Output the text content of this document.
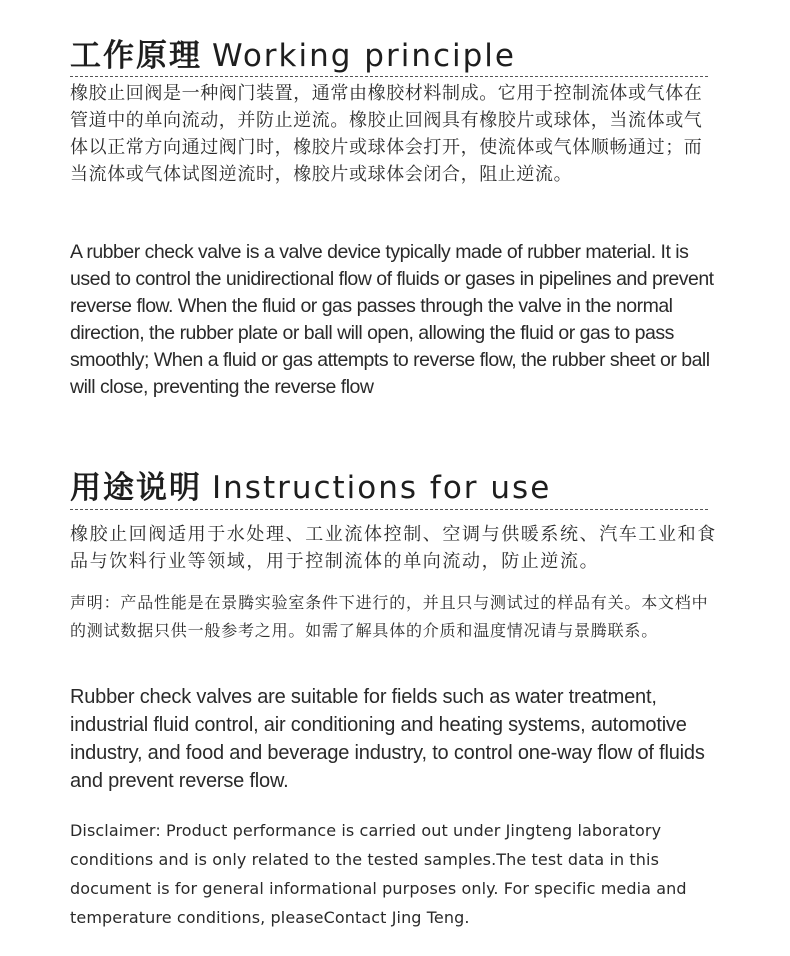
工作原理 Working principle

橡胶止回阀是一种阀门装置，通常由橡胶材料制成。它用于控制流体或气体在管道中的单向流动，并防止逆流。橡胶止回阀具有橡胶片或球体，当流体或气体以正常方向通过阀门时，橡胶片或球体会打开，使流体或气体顺畅通过；而当流体或气体试图逆流时，橡胶片或球体会闭合，阻止逆流。

A rubber check valve is a valve device typically made of rubber material. It is used to control the unidirectional flow of fluids or gases in pipelines and prevent reverse flow. When the fluid or gas passes through the valve in the normal direction, the rubber plate or ball will open, allowing the fluid or gas to pass smoothly; When a fluid or gas attempts to reverse flow, the rubber sheet or ball will close, preventing the reverse flow

用途说明 Instructions for use

橡胶止回阀适用于水处理、工业流体控制、空调与供暖系统、汽车工业和食品与饮料行业等领域，用于控制流体的单向流动，防止逆流。

声明：产品性能是在景腾实验室条件下进行的，并且只与测试过的样品有关。本文档中的测试数据只供一般参考之用。如需了解具体的介质和温度情况请与景腾联系。

Rubber check valves are suitable for fields such as water treatment, industrial fluid control, air conditioning and heating systems, automotive industry, and food and beverage industry, to control one-way flow of fluids and prevent reverse flow.

Disclaimer: Product performance is carried out under Jingteng laboratory conditions and is only related to the tested samples.The test data in this document is for general informational purposes only. For specific media and temperature conditions, pleaseContact Jing Teng.
